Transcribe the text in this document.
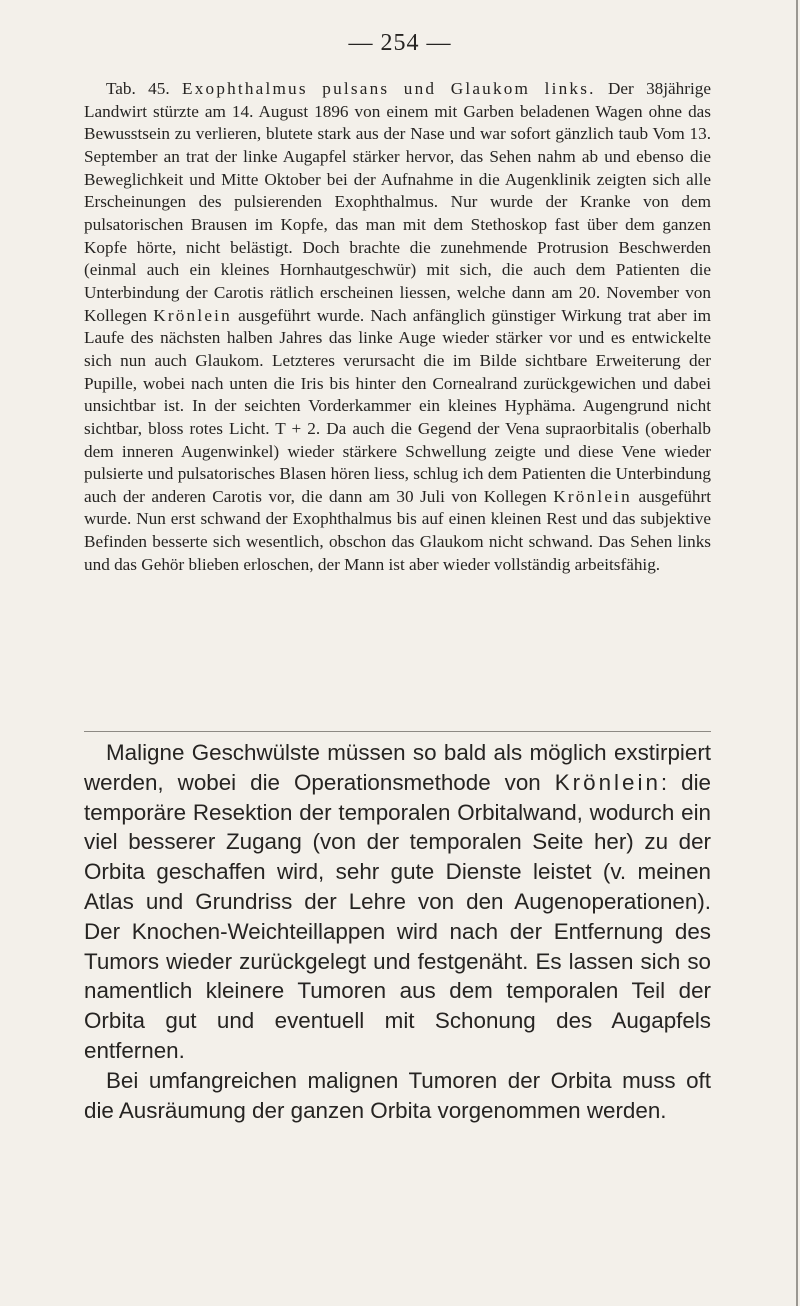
— 254 —

Tab. 45. Exophthalmus pulsans und Glaukom links. Der 38jährige Landwirt stürzte am 14. August 1896 von einem mit Garben beladenen Wagen ohne das Bewusstsein zu verlieren, blutete stark aus der Nase und war sofort gänzlich taub Vom 13. September an trat der linke Augapfel stärker hervor, das Sehen nahm ab und ebenso die Beweglichkeit und Mitte Oktober bei der Aufnahme in die Augenklinik zeigten sich alle Erscheinungen des pulsierenden Exophthalmus. Nur wurde der Kranke von dem pulsatorischen Brausen im Kopfe, das man mit dem Stethoskop fast über dem ganzen Kopfe hörte, nicht belästigt. Doch brachte die zunehmende Protrusion Beschwerden (einmal auch ein kleines Hornhautgeschwür) mit sich, die auch dem Patienten die Unterbindung der Carotis rätlich erscheinen liessen, welche dann am 20. November von Kollegen Krönlein ausgeführt wurde. Nach anfänglich günstiger Wirkung trat aber im Laufe des nächsten halben Jahres das linke Auge wieder stärker vor und es entwickelte sich nun auch Glaukom. Letzteres verursacht die im Bilde sichtbare Erweiterung der Pupille, wobei nach unten die Iris bis hinter den Cornealrand zurückgewichen und dabei unsichtbar ist. In der seichten Vorderkammer ein kleines Hyphäma. Augengrund nicht sichtbar, bloss rotes Licht. T + 2. Da auch die Gegend der Vena supraorbitalis (oberhalb dem inneren Augenwinkel) wieder stärkere Schwellung zeigte und diese Vene wieder pulsierte und pulsatorisches Blasen hören liess, schlug ich dem Patienten die Unterbindung auch der anderen Carotis vor, die dann am 30 Juli von Kollegen Krönlein ausgeführt wurde. Nun erst schwand der Exophthalmus bis auf einen kleinen Rest und das subjektive Befinden besserte sich wesentlich, obschon das Glaukom nicht schwand. Das Sehen links und das Gehör blieben erloschen, der Mann ist aber wieder vollständig arbeitsfähig.

Maligne Geschwülste müssen so bald als möglich exstirpiert werden, wobei die Operationsmethode von Krönlein: die temporäre Resektion der temporalen Orbitalwand, wodurch ein viel besserer Zugang (von der temporalen Seite her) zu der Orbita geschaffen wird, sehr gute Dienste leistet (v. meinen Atlas und Grundriss der Lehre von den Augenoperationen). Der Knochen-Weichteillappen wird nach der Entfernung des Tumors wieder zurückgelegt und festgenäht. Es lassen sich so namentlich kleinere Tumoren aus dem temporalen Teil der Orbita gut und eventuell mit Schonung des Augapfels entfernen.

Bei umfangreichen malignen Tumoren der Orbita muss oft die Ausräumung der ganzen Orbita vorgenommen werden.
